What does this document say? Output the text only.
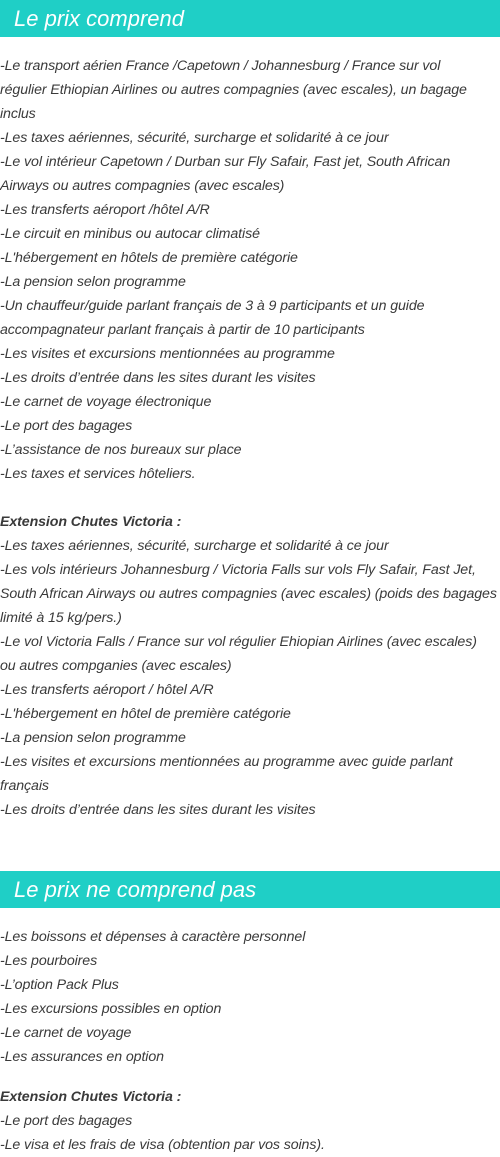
Le prix comprend
-Le transport aérien France /Capetown / Johannesburg / France sur vol
régulier Ethiopian Airlines ou autres compagnies (avec escales), un bagage
inclus
-Les taxes aériennes, sécurité, surcharge et solidarité à ce jour
-Le vol intérieur Capetown / Durban sur Fly Safair, Fast jet, South African
Airways ou autres compagnies (avec escales)
-Les transferts aéroport /hôtel A/R
-Le circuit en minibus ou autocar climatisé
-L'hébergement en hôtels de première catégorie
-La pension selon programme
-Un chauffeur/guide parlant français de 3 à 9 participants et un guide
accompagnateur parlant français à partir de 10 participants
-Les visites et excursions mentionnées au programme
-Les droits d’entrée dans les sites durant les visites
-Le carnet de voyage électronique
-Le port des bagages
-L’assistance de nos bureaux sur place
-Les taxes et services hôteliers.
Extension Chutes Victoria :
-Les taxes aériennes, sécurité, surcharge et solidarité à ce jour
-Les vols intérieurs Johannesburg / Victoria Falls sur vols Fly Safair, Fast Jet,
South African Airways ou autres compagnies (avec escales) (poids des bagages
limité à 15 kg/pers.)
-Le vol Victoria Falls / France sur vol régulier Ehiopian Airlines (avec escales)
ou autres compganies (avec escales)
-Les transferts aéroport / hôtel A/R
-L'hébergement en hôtel de première catégorie
-La pension selon programme
-Les visites et excursions mentionnées au programme avec guide parlant
français
-Les droits d’entrée dans les sites durant les visites
Le prix ne comprend pas
-Les boissons et dépenses à caractère personnel
-Les pourboires
-L’option Pack Plus
-Les excursions possibles en option
-Le carnet de voyage
-Les assurances en option
Extension Chutes Victoria :
-Le port des bagages
-Le visa et les frais de visa (obtention par vos soins).
